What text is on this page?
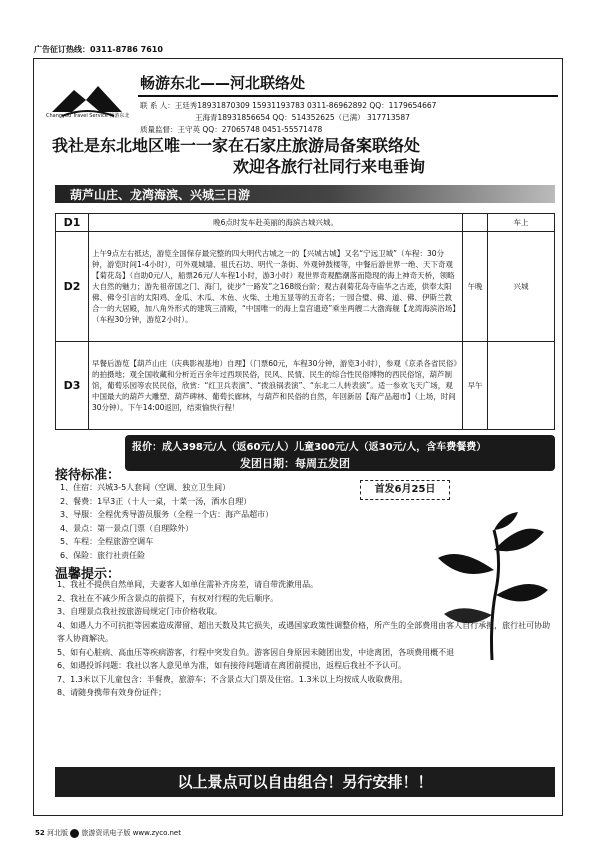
广告征订热线：0311-8786 7610
Changyou Travel Service 畅游东北
畅游东北——河北联络处
联 系 人：王廷秀18931870309 15931193783 0311-86962892 QQ：1179654667
王海青18931856654 QQ：514352625（已满） 317713587
质量监督：王守英 QQ：27065748 0451-55571478
我社是东北地区唯一一家在石家庄旅游局备案联络处
欢迎各旅行社同行来电垂询
葫芦山庄、龙湾海滨、兴城三日游
D1	晚6点时发车赴美丽的海滨古城兴城。		车上
D2	上午9点左右抵达，游览全国保存最完整的四大明代古城之一的【兴城古城】又名“宁远卫城”（车程：30分钟，游览时间1-4小时），可外观城墙、祖氏石坊、明代一条街、外观钟鼓楼等，中餐后游世界一绝、天下奇观【菊花岛】（自助0元/人，船票26元/人车程1小时，游3小时）观世界奇观酷潮落而隐现的海上神奇天桥，领略大自然的魅力；游先祖帝国之门、海门，徒步“一路发”之168级台阶；观古刹菊花岛寺庙华之古迹，供奉太阳佛、佛令引言的太阳鸡、金瓜、木瓜、木鱼、火柴、土地五显等的五奇名；一园合璧、佛、道、佛、伊斯兰教合一的大居殿，加八角外形式的建筑三清殿，“中国唯一的海上皇宫遗迹”乘坐两艘二大渤海舰【龙湾海滨浴场】（车程30分钟，游览2小时）。	午晚	兴城
D3	早餐后游览【葫芦山庄（庆典影视基地）自理】（门票60元，车程30分钟，游览3小时），参观《京杀各省民俗》的拍摄地；观全国收藏和分析近百余年过西坝民俗，民风、民情、民生的综合性民俗博物的西民俗馆，葫芦制馆，葡萄乐园等农民民俗，欣赏：“红卫兵表演”、“拨浪锅表演”、“东北二人转表演”。适一参欢飞天广场，观中国最大的葫芦大雕塑、葫芦碑林、葡萄长廊林，与葫芦和民俗的自然，年回新居【海产品超市】（上场，时间30分钟）。下午14:00返回，结束愉快行程！	早午	
报价：成人398元/人（返60元/人）儿童300元/人（返30元/人，含车费餐费）
发团日期：每周五发团
接待标准：
1、住宿：兴城3-5人套间（空调、独立卫生间）
2、餐费：1早3正（十人一桌，十菜一汤，酒水自理）
3、导服：全程优秀导游员服务（全程一个店：海产品超市）
4、景点：第一景点门票（自理除外）
5、车程：全程旅游空调车
6、保险：旅行社责任险
首发6月25日
温馨提示：
1、我社不提供自然单间，夫妻客人如单住需补齐房差，请自带洗漱用品。
2、我社在不减少所含景点的前提下，有权对行程的先后顺序。
3、自理景点我社按旅游局规定门市价格收取。
4、如遇人力不可抗拒等因素造成滞留、超出天数及其它损失，或遇国家政策性调整价格，所产生的全部费用由客人自行承担，旅行社可协助客人协商解决。
5、如有心脏病、高血压等疾病游客，行程中突发自负。游客因自身原因未随团出发，中途离团，各项费用概不退
6、如遇投诉问题：我社以客人意见单为准，如有接待问题请在离团前提出，返程后我社不予认可。
7、1.3米以下儿童包含：半餐费，旅游车；不含景点大门票及住宿。1.3米以上均按成人收取费用。
8、请随身携带有效身份证件；
以上景点可以自由组合！另行安排！！
52 河北版 旅游资讯电子版 www.zyco.net
